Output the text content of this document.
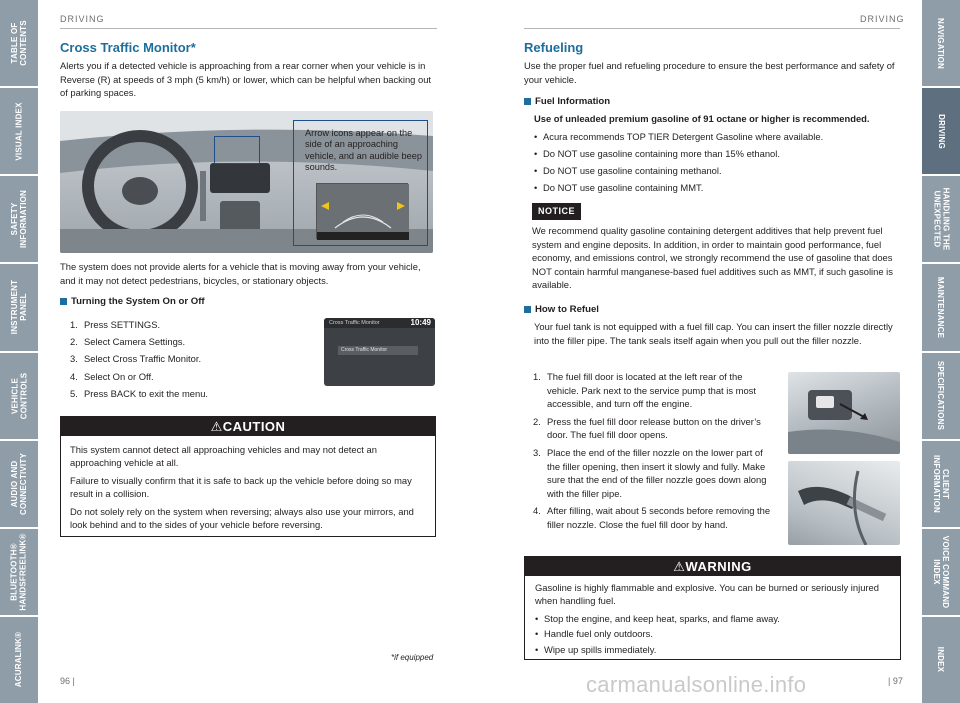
TABLE OF
CONTENTS
VISUAL INDEX
SAFETY
INFORMATION
INSTRUMENT
PANEL
VEHICLE
CONTROLS
AUDIO AND
CONNECTIVITY
BLUETOOTH®
HANDSFREELINK®
ACURALINK®
NAVIGATION
DRIVING
HANDLING THE
UNEXPECTED
MAINTENANCE
SPECIFICATIONS
CLIENT
INFORMATION
VOICE COMMAND
INDEX
INDEX
DRIVING	DRIVING
Cross Traffic Monitor*
Alerts you if a detected vehicle is approaching from a rear corner when your vehicle is in Reverse (R) at speeds of 3 mph (5 km/h) or lower, which can be helpful when backing out of parking spaces.
Arrow icons appear on the side of an approaching vehicle, and an audible beep sounds.
The system does not provide alerts for a vehicle that is moving away from your vehicle, and it may not detect pedestrians, bicycles, or stationary objects.
Turning the System On or Off
1. Press SETTINGS.
2. Select Camera Settings.
3. Select Cross Traffic Monitor.
4. Select On or Off.
5. Press BACK to exit the menu.
Cross Traffic Monitor	10:49
Cross Traffic Monitor
⚠CAUTION

This system cannot detect all approaching vehicles and may not detect an approaching vehicle at all.

Failure to visually confirm that it is safe to back up the vehicle before doing so may result in a collision.

Do not solely rely on the system when reversing; always also use your mirrors, and look behind and to the sides of your vehicle before reversing.

*if equipped
96 |
Refueling
Use the proper fuel and refueling procedure to ensure the best performance and safety of your vehicle.
Fuel Information
Use of unleaded premium gasoline of 91 octane or higher is recommended.
• Acura recommends TOP TIER Detergent Gasoline where available.
• Do NOT use gasoline containing more than 15% ethanol.
• Do NOT use gasoline containing methanol.
• Do NOT use gasoline containing MMT.
NOTICE
We recommend quality gasoline containing detergent additives that help prevent fuel system and engine deposits. In addition, in order to maintain good performance, fuel economy, and emissions control, we strongly recommend the use of gasoline that does NOT contain harmful manganese-based fuel additives such as MMT, if such gasoline is available.
How to Refuel
Your fuel tank is not equipped with a fuel fill cap. You can insert the filler nozzle directly into the filler pipe. The tank seals itself again when you pull out the filler nozzle.
1. The fuel fill door is located at the left rear of the vehicle. Park next to the service pump that is most accessible, and turn off the engine.
2. Press the fuel fill door release button on the driver’s door. The fuel fill door opens.
3. Place the end of the filler nozzle on the lower part of the filler opening, then insert it slowly and fully. Make sure that the end of the filler nozzle goes down along with the filler pipe.
4. After filling, wait about 5 seconds before removing the filler nozzle. Close the fuel fill door by hand.
⚠WARNING

Gasoline is highly flammable and explosive. You can be burned or seriously injured when handling fuel.

• Stop the engine, and keep heat, sparks, and flame away.
• Handle fuel only outdoors.
• Wipe up spills immediately.
| 97
carmanualsonline.info
